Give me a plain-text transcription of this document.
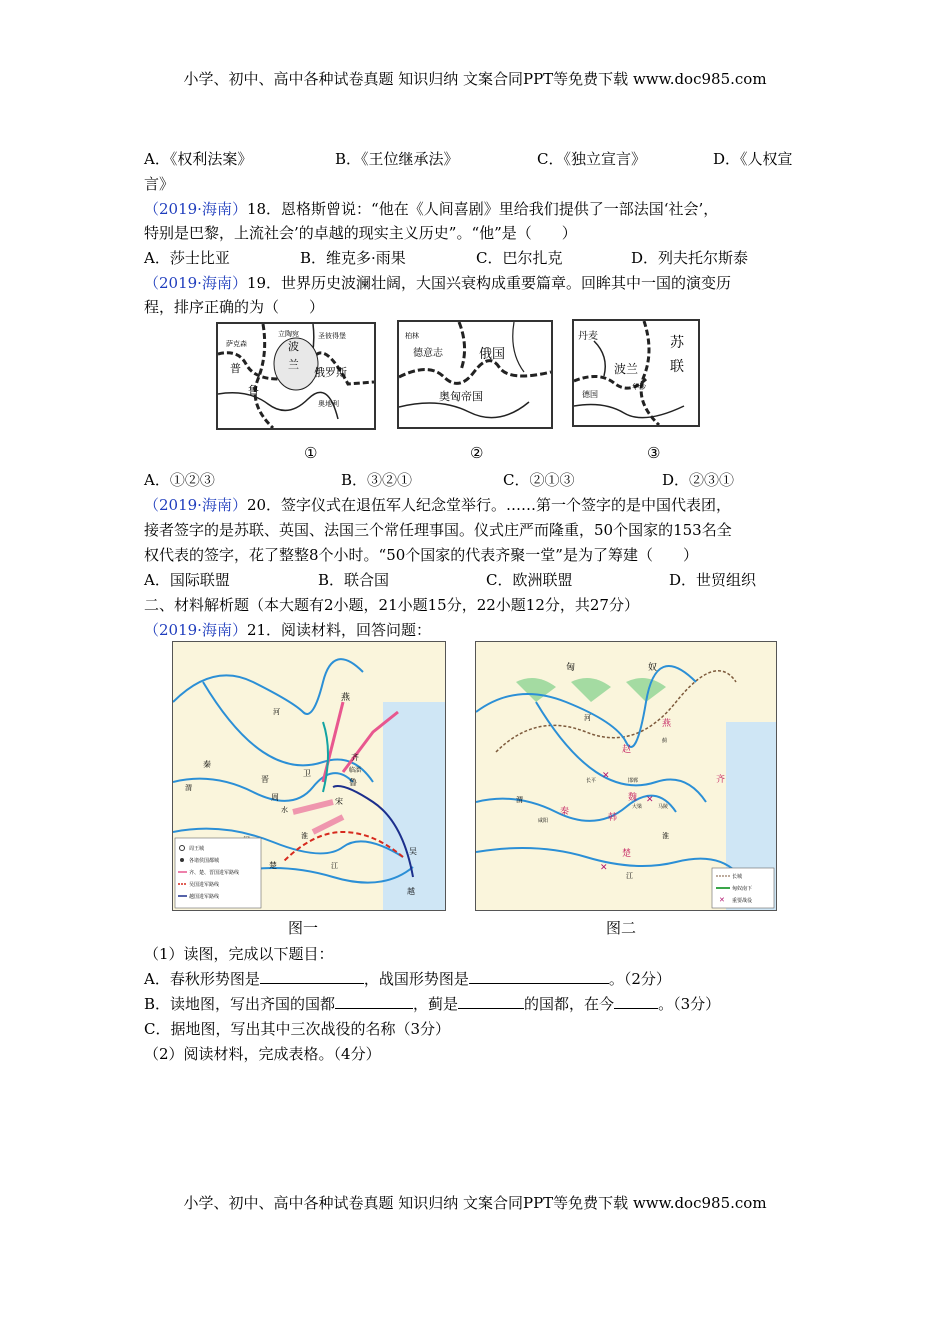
小学、初中、高中各种试卷真题 知识归纳 文案合同PPT等免费下载 www.doc985.com
A．《权利法案》	B．《王位继承法》	C．《独立宣言》	D．《人权宣
言》
（2019·海南）18．恩格斯曾说：“他在《人间喜剧》里给我们提供了一部法国‘社会’，
特别是巴黎，上流社会’的卓越的现实主义历史”。“他”是（　　）
A．莎士比亚	B．维克多·雨果	C．巴尔扎克	D．列夫托尔斯泰
（2019·海南）19．世界历史波澜壮阔，大国兴衰构成重要篇章。回眸其中一国的演变历
程，排序正确的为（　　）
俄罗斯
波
兰
萨克森
普
鲁
立陶宛	圣彼得堡
奥地利
俄国
德意志
奥匈帝国
柏林	苏
联
丹麦
波兰
华沙
德国
①	②	③
A．①②③	B．③②①	C．②①③	D．②③①
（2019·海南）20．签字仪式在退伍军人纪念堂举行。……第一个签字的是中国代表团，
接者签字的是苏联、英国、法国三个常任理事国。仪式庄严而隆重，50个国家的153名全
权代表的签字，花了整整8个小时。“50个国家的代表齐聚一堂”是为了筹建（　　）
A．国际联盟	B．联合国	C．欧洲联盟	D．世贸组织
二、材料解析题（本大题有2小题，21小题15分，22小题12分，共27分）
（2019·海南）21．阅读材料，回答问题：
燕
卫
晋
秦
周	宋
鲁
齐
临淄
楚
吴
越
河
水
淮
江
渭
周王城
各诸侯国都城
齐、楚、晋国进军路线
吴国进军路线
越国进军路线
匈	奴
燕
赵
齐
魏
韩
秦
楚
长平	邯郸
大梁	马陵
咸阳
蓟
河
淮
江
渭
✕
✕
✕
长城
匈奴南下
✕ 重要战役
图一	图二
（1）读图，完成以下题目：
A．春秋形势图是	，战国形势图是	。（2分）
B．读地图，写出齐国的国都	，蓟是	的国都，在今	。（3分）
C．据地图，写出其中三次战役的名称（3分）
（2）阅读材料，完成表格。（4分）
小学、初中、高中各种试卷真题 知识归纳 文案合同PPT等免费下载 www.doc985.com
